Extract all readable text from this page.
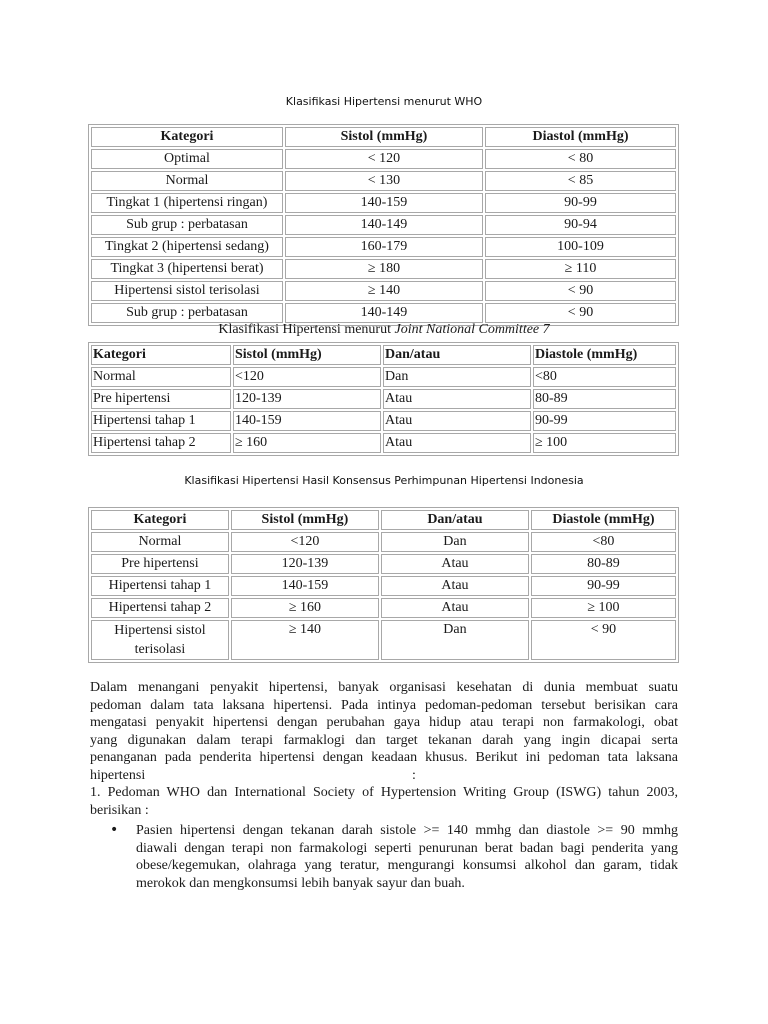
Klasifikasi Hipertensi menurut WHO
Kategori	Sistol (mmHg)	Diastol (mmHg)
Optimal	< 120	< 80
Normal	< 130	< 85
Tingkat 1 (hipertensi ringan)	140-159	90-99
Sub grup : perbatasan	140-149	90-94
Tingkat 2 (hipertensi sedang)	160-179	100-109
Tingkat 3 (hipertensi berat)	≥ 180	≥ 110
Hipertensi sistol terisolasi	≥ 140	< 90
Sub grup : perbatasan	140-149	< 90
Klasifikasi Hipertensi menurut Joint National Committee 7
Kategori	Sistol (mmHg)	Dan/atau	Diastole (mmHg)
Normal	<120	Dan	<80
Pre hipertensi	120-139	Atau	80-89
Hipertensi tahap 1	140-159	Atau	90-99
Hipertensi tahap 2	≥ 160	Atau	≥ 100
Klasifikasi Hipertensi Hasil Konsensus Perhimpunan Hipertensi Indonesia
Kategori	Sistol (mmHg)	Dan/atau	Diastole (mmHg)
Normal	<120	Dan	<80
Pre hipertensi	120-139	Atau	80-89
Hipertensi tahap 1	140-159	Atau	90-99
Hipertensi tahap 2	≥ 160	Atau	≥ 100
Hipertensi sistol terisolasi	≥ 140	Dan	< 90
Dalam menangani penyakit hipertensi, banyak organisasi kesehatan di dunia membuat suatu
pedoman dalam tata laksana hipertensi. Pada intinya pedoman-pedoman tersebut berisikan cara
mengatasi penyakit hipertensi dengan perubahan gaya hidup atau terapi non farmakologi, obat
yang digunakan dalam terapi farmaklogi dan target tekanan darah yang ingin dicapai serta
penanganan pada penderita hipertensi dengan keadaan khusus. Berikut ini pedoman tata laksana
hipertensi	:
1. Pedoman WHO dan International Society of Hypertension Writing Group (ISWG) tahun 2003,
berisikan :
• Pasien hipertensi dengan tekanan darah sistole >= 140 mmhg dan diastole >= 90 mmhg
diawali dengan terapi non farmakologi seperti penurunan berat badan bagi penderita yang
obese/kegemukan, olahraga yang teratur, mengurangi konsumsi alkohol dan garam, tidak
merokok dan mengkonsumsi lebih banyak sayur dan buah.
